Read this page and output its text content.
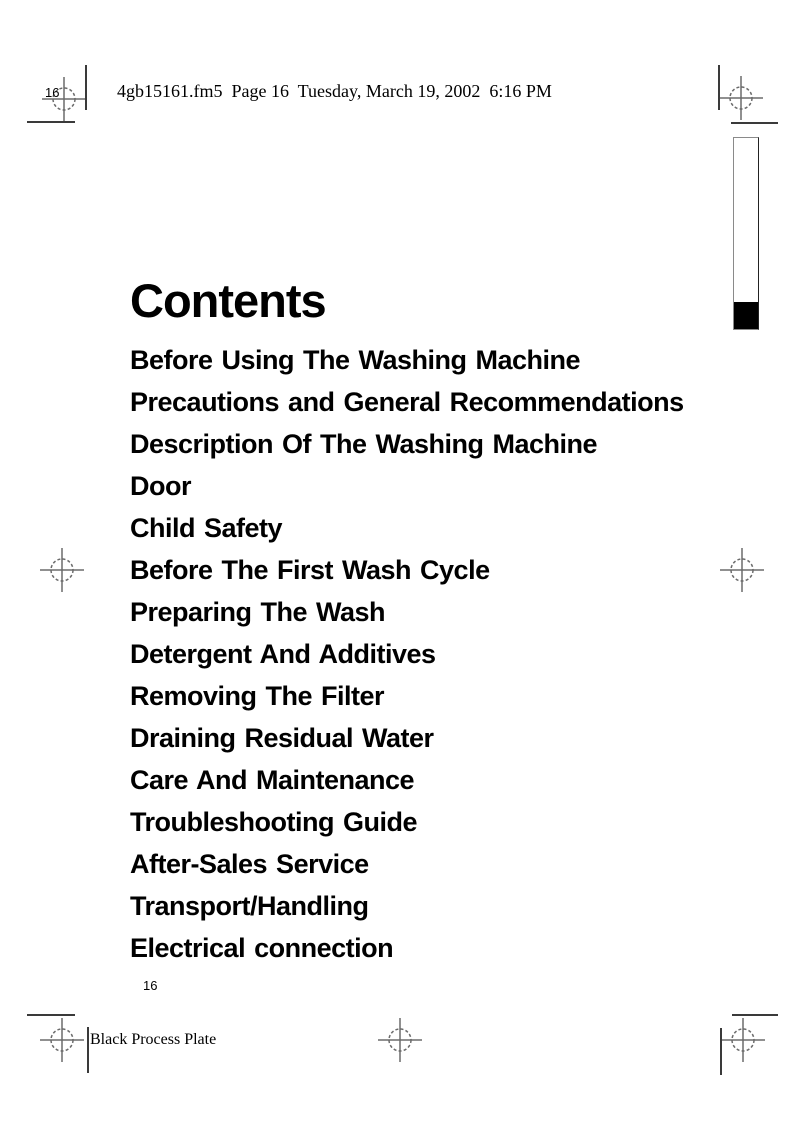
4gb15161.fm5  Page 16  Tuesday, March 19, 2002  6:16 PM
16
Contents
Before Using The Washing Machine
Precautions and General Recommendations
Description Of The Washing Machine
Door
Child Safety
Before The First Wash Cycle
Preparing The Wash
Detergent And Additives
Removing The Filter
Draining Residual Water
Care And Maintenance
Troubleshooting Guide
After-Sales Service
Transport/Handling
Electrical connection
16
Black Process Plate
